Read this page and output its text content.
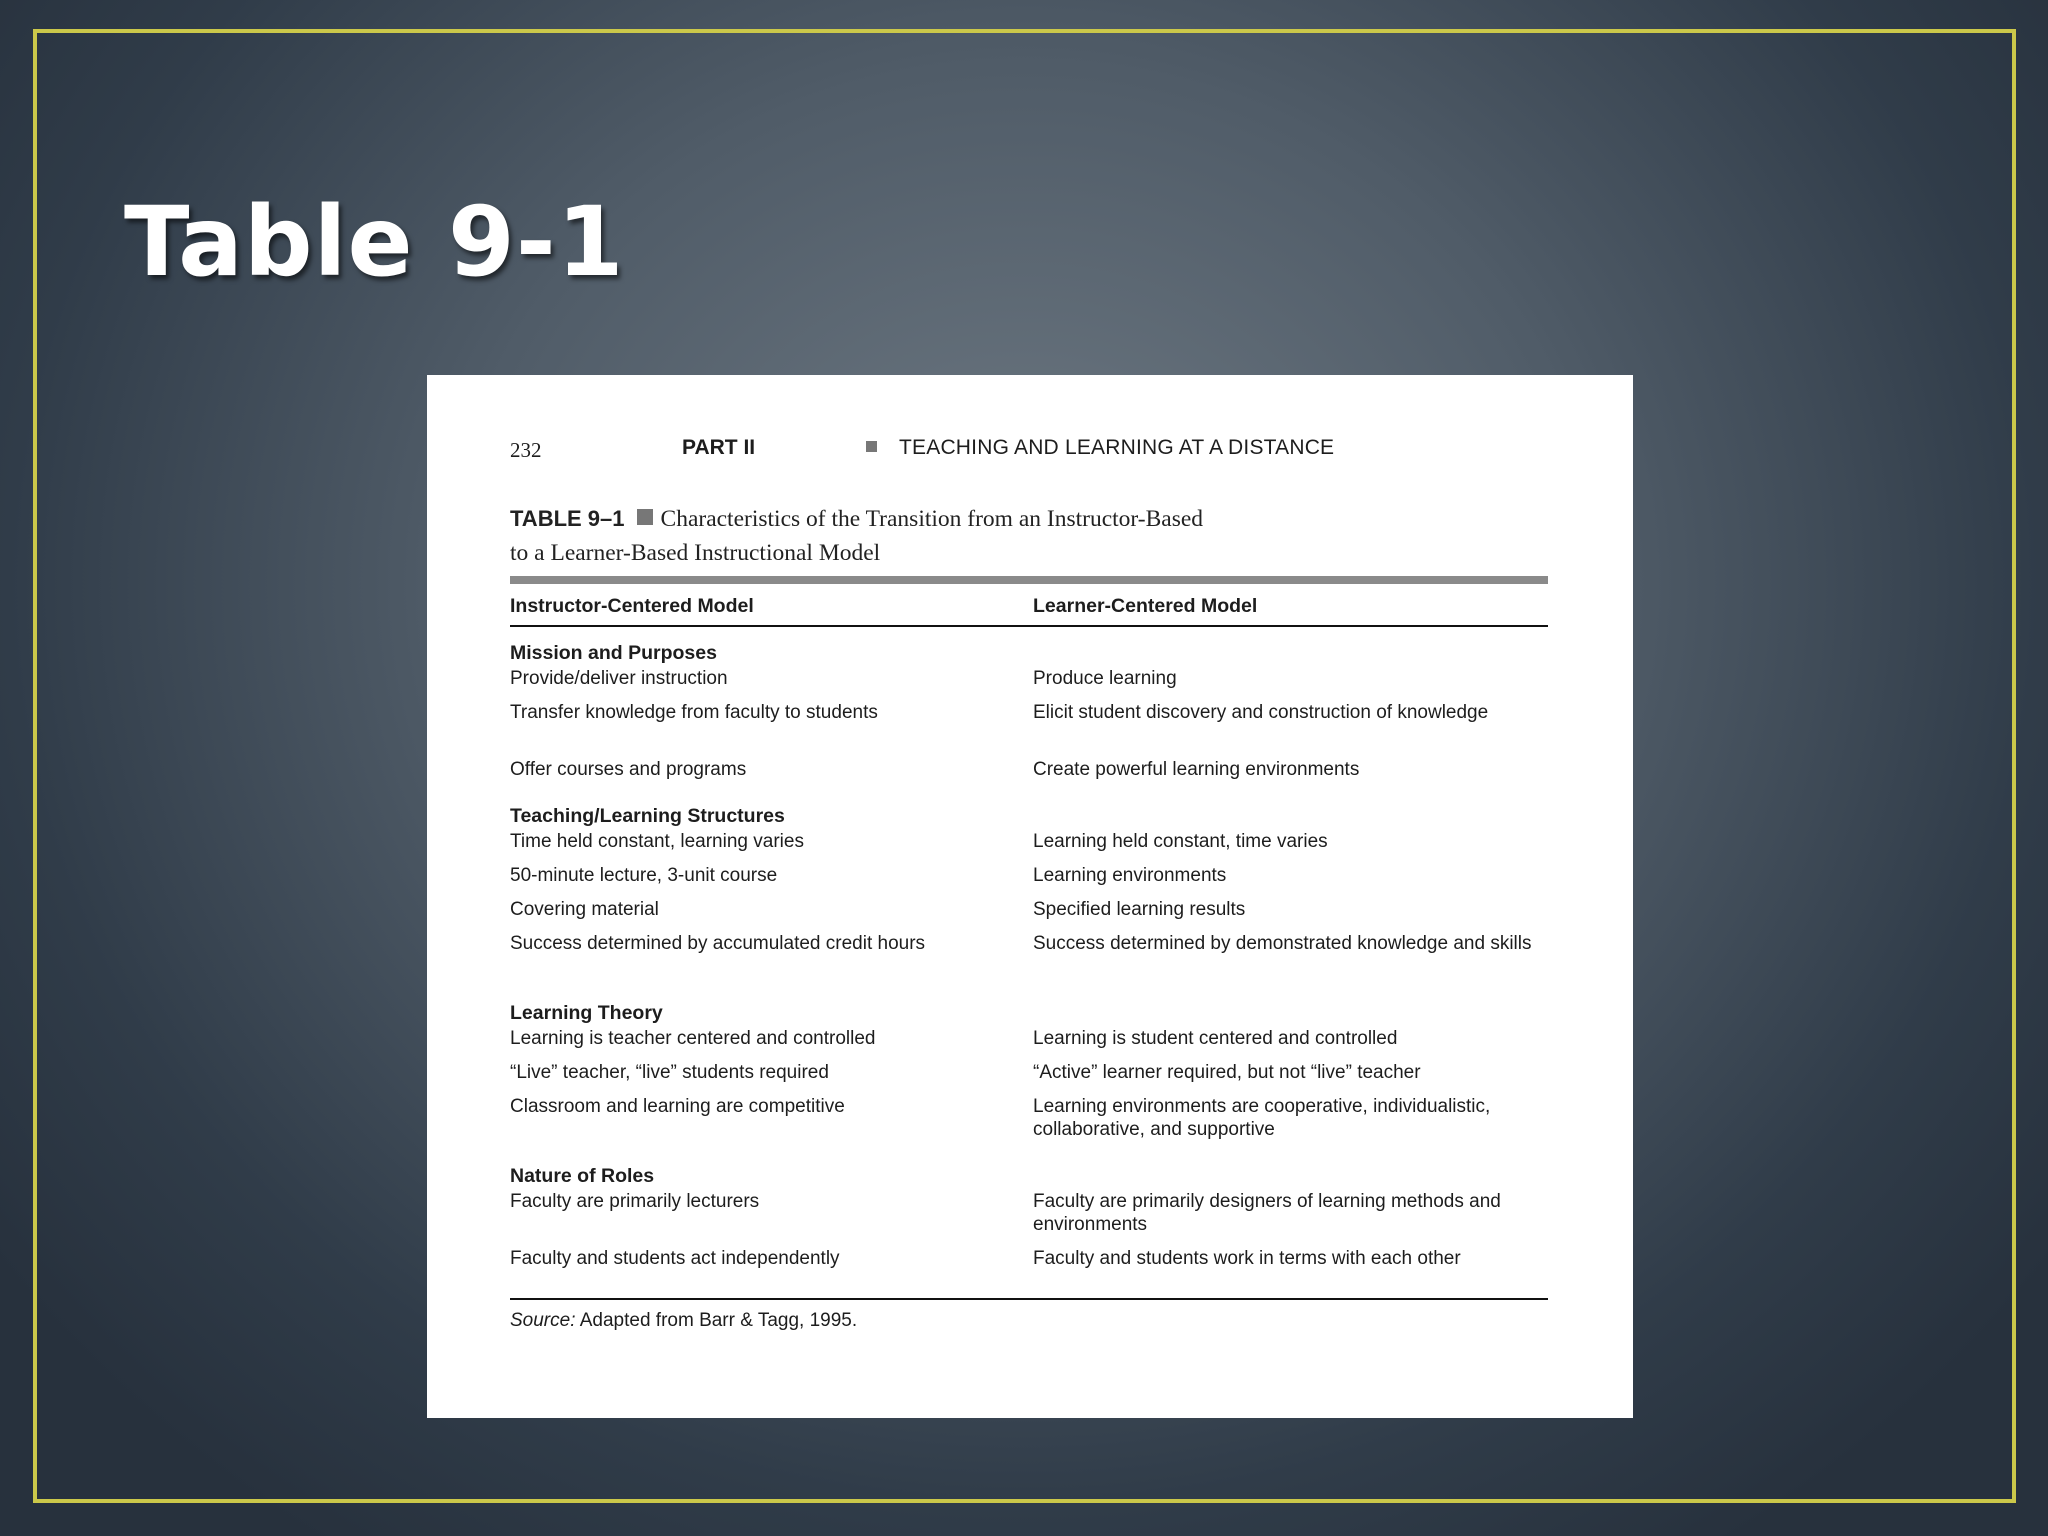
Table 9-1
232	PART II	TEACHING AND LEARNING AT A DISTANCE
TABLE 9–1 Characteristics of the Transition from an Instructor-Based
to a Learner-Based Instructional Model
Instructor-Centered Model	Learner-Centered Model
Mission and Purposes
Provide/deliver instruction	Produce learning
Transfer knowledge from faculty to students	Elicit student discovery and construction of knowledge
Offer courses and programs	Create powerful learning environments
Teaching/Learning Structures
Time held constant, learning varies	Learning held constant, time varies
50-minute lecture, 3-unit course	Learning environments
Covering material	Specified learning results
Success determined by accumulated credit hours	Success determined by demonstrated knowledge and skills
Learning Theory
Learning is teacher centered and controlled	Learning is student centered and controlled
“Live” teacher, “live” students required	“Active” learner required, but not “live” teacher
Classroom and learning are competitive	Learning environments are cooperative, individualistic, collaborative, and supportive
Nature of Roles
Faculty are primarily lecturers	Faculty are primarily designers of learning methods and environments
Faculty and students act independently	Faculty and students work in terms with each other
Source: Adapted from Barr & Tagg, 1995.
